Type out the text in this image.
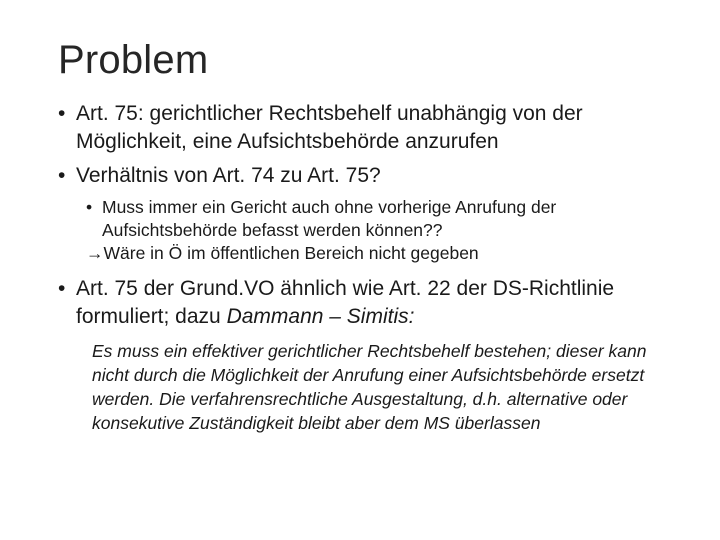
Problem
• Art. 75: gerichtlicher Rechtsbehelf unabhängig von der Möglichkeit, eine Aufsichtsbehörde anzurufen
• Verhältnis von Art. 74 zu Art. 75?
• Muss immer ein Gericht auch ohne vorherige Anrufung der Aufsichtsbehörde befasst werden können??
→Wäre in Ö im öffentlichen Bereich nicht gegeben
• Art. 75 der Grund.VO ähnlich wie Art. 22 der DS-Richtlinie formuliert; dazu Dammann – Simitis:
Es muss ein effektiver gerichtlicher Rechtsbehelf bestehen; dieser kann nicht durch die Möglichkeit der Anrufung einer Aufsichtsbehörde ersetzt werden. Die verfahrensrechtliche Ausgestaltung, d.h. alternative oder konsekutive Zuständigkeit bleibt aber dem MS überlassen
